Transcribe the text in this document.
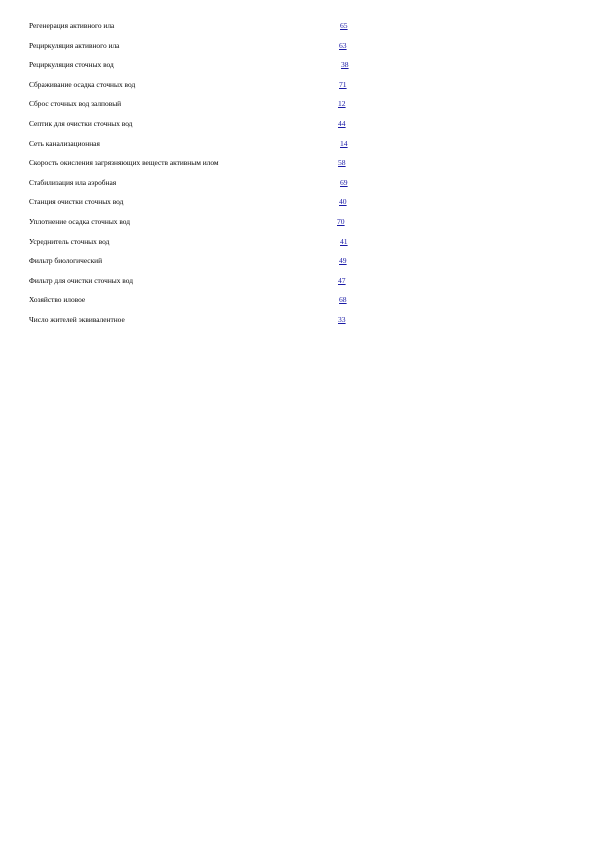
Регенерация активного ила	65
Рециркуляция активного ила	63
Рециркуляция сточных вод	38
Сбраживание осадка сточных вод	71
Сброс сточных вод залповый	12
Септик для очистки сточных вод	44
Сеть канализационная	14
Скорость окисления загрязняющих веществ активным илом	58
Стабилизация ила аэробная	69
Станция очистки сточных вод	40
Уплотнение осадка сточных вод	70
Усреднитель сточных вод	41
Фильтр биологический	49
Фильтр для очистки сточных вод	47
Хозяйство иловое	68
Число жителей эквивалентное	33
